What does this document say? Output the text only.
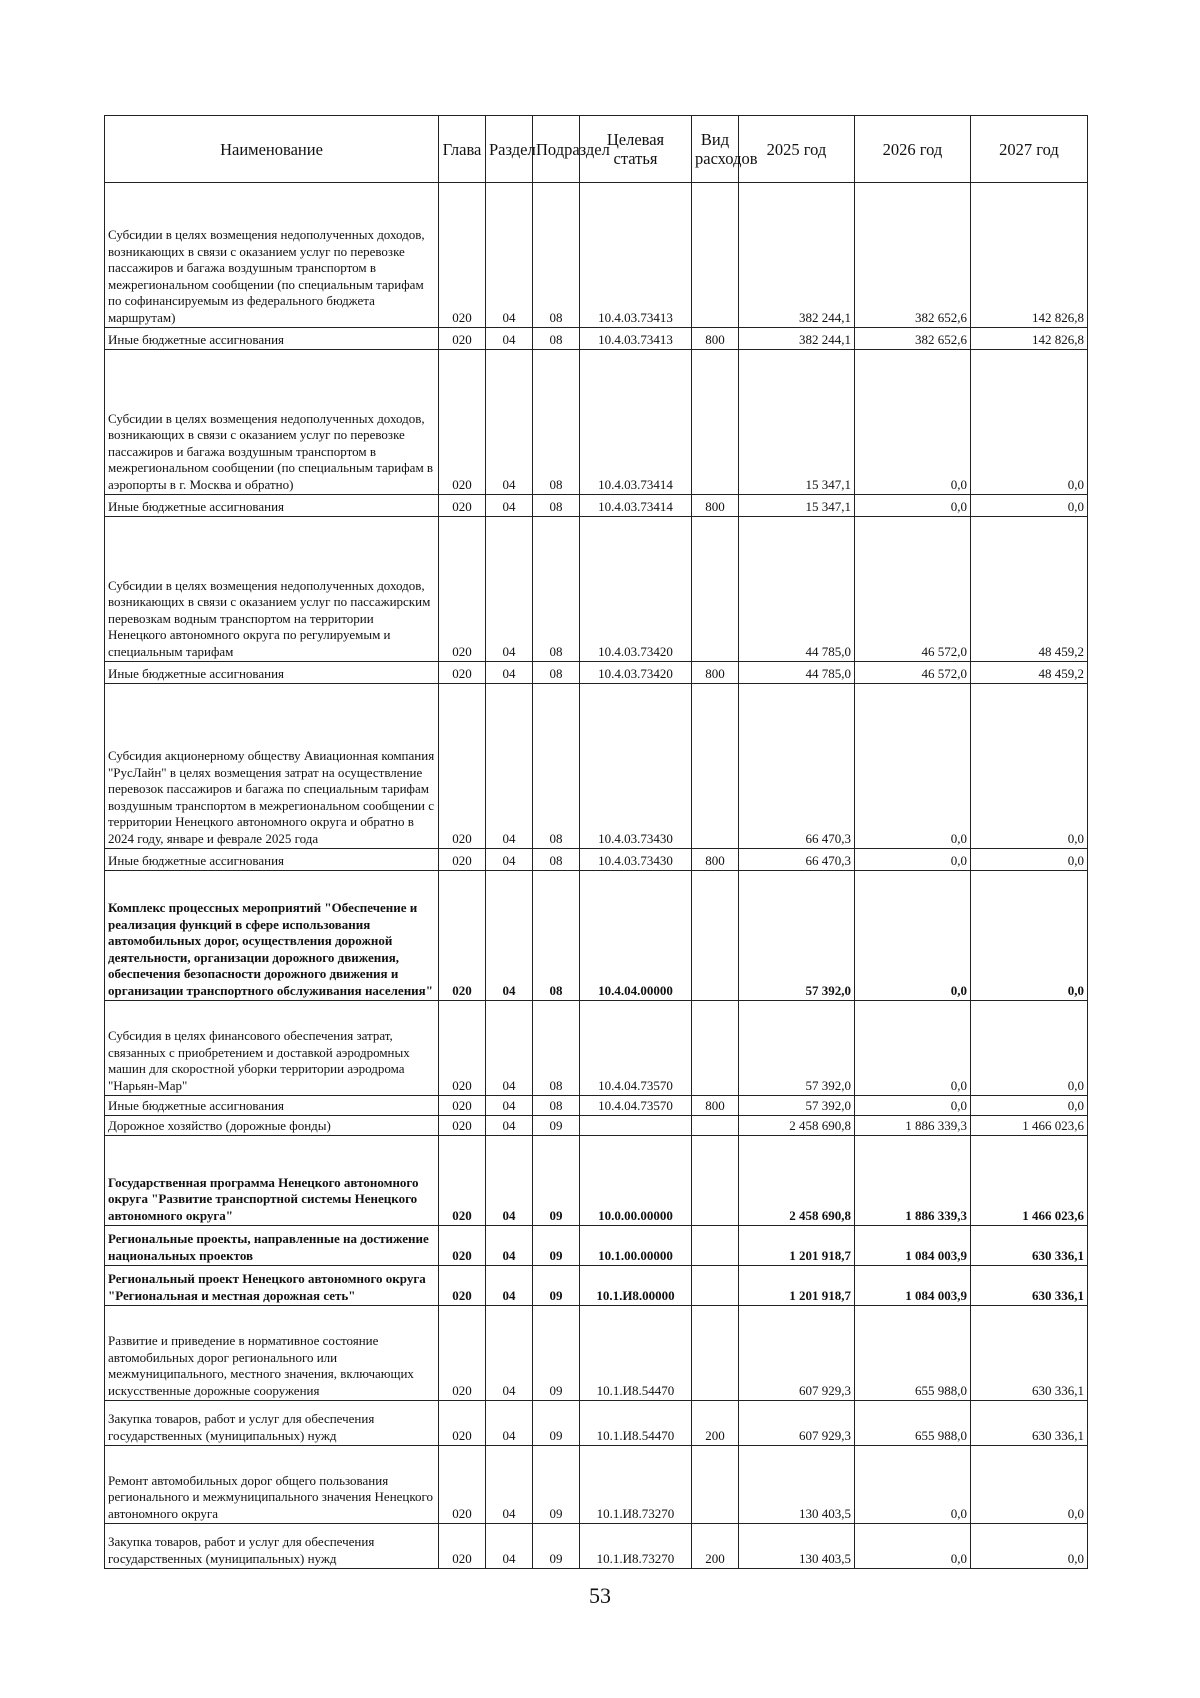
Наименование	Глава	Раздел	Подраздел	Целевая статья	Вид расходов	2025 год	2026 год	2027 год
Субсидии в целях возмещения недополученных доходов, возникающих в связи с оказанием услуг по перевозке пассажиров и багажа воздушным транспортом в межрегиональном сообщении (по специальным тарифам по софинансируемым из федерального бюджета маршрутам)	020	04	08	10.4.03.73413		382 244,1	382 652,6	142 826,8
Иные бюджетные ассигнования	020	04	08	10.4.03.73413	800	382 244,1	382 652,6	142 826,8
Субсидии в целях возмещения недополученных доходов, возникающих в связи с оказанием услуг по перевозке пассажиров и багажа воздушным транспортом в межрегиональном сообщении (по специальным тарифам в аэропорты в г. Москва и обратно)	020	04	08	10.4.03.73414		15 347,1	0,0	0,0
Иные бюджетные ассигнования	020	04	08	10.4.03.73414	800	15 347,1	0,0	0,0
Субсидии в целях возмещения недополученных доходов, возникающих в связи с оказанием услуг по пассажирским перевозкам водным транспортом на территории Ненецкого автономного округа по регулируемым и специальным тарифам	020	04	08	10.4.03.73420		44 785,0	46 572,0	48 459,2
Иные бюджетные ассигнования	020	04	08	10.4.03.73420	800	44 785,0	46 572,0	48 459,2
Субсидия акционерному обществу Авиационная компания "РусЛайн" в целях возмещения затрат на осуществление перевозок пассажиров и багажа по специальным тарифам воздушным транспортом в межрегиональном сообщении с территории Ненецкого автономного округа и обратно в 2024 году, январе и феврале 2025 года	020	04	08	10.4.03.73430		66 470,3	0,0	0,0
Иные бюджетные ассигнования	020	04	08	10.4.03.73430	800	66 470,3	0,0	0,0
Комплекс процессных мероприятий "Обеспечение и реализация функций в сфере использования автомобильных дорог, осуществления дорожной деятельности, организации дорожного движения, обеспечения безопасности дорожного движения и организации транспортного обслуживания населения"	020	04	08	10.4.04.00000		57 392,0	0,0	0,0
Субсидия в целях финансового обеспечения затрат, связанных с приобретением и доставкой аэродромных машин для скоростной уборки территории аэродрома "Нарьян-Мар"	020	04	08	10.4.04.73570		57 392,0	0,0	0,0
Иные бюджетные ассигнования	020	04	08	10.4.04.73570	800	57 392,0	0,0	0,0
Дорожное хозяйство (дорожные фонды)	020	04	09			2 458 690,8	1 886 339,3	1 466 023,6
Государственная программа Ненецкого автономного округа "Развитие транспортной системы Ненецкого автономного округа"	020	04	09	10.0.00.00000		2 458 690,8	1 886 339,3	1 466 023,6
Региональные проекты, направленные на достижение национальных проектов	020	04	09	10.1.00.00000		1 201 918,7	1 084 003,9	630 336,1
Региональный проект Ненецкого автономного округа "Региональная и местная дорожная сеть"	020	04	09	10.1.И8.00000		1 201 918,7	1 084 003,9	630 336,1
Развитие и приведение в нормативное состояние автомобильных дорог регионального или межмуниципального, местного значения, включающих искусственные дорожные сооружения	020	04	09	10.1.И8.54470		607 929,3	655 988,0	630 336,1
Закупка товаров, работ и услуг для обеспечения государственных (муниципальных) нужд	020	04	09	10.1.И8.54470	200	607 929,3	655 988,0	630 336,1
Ремонт автомобильных дорог общего пользования регионального и межмуниципального значения Ненецкого автономного округа	020	04	09	10.1.И8.73270		130 403,5	0,0	0,0
Закупка товаров, работ и услуг для обеспечения государственных (муниципальных) нужд	020	04	09	10.1.И8.73270	200	130 403,5	0,0	0,0
53
